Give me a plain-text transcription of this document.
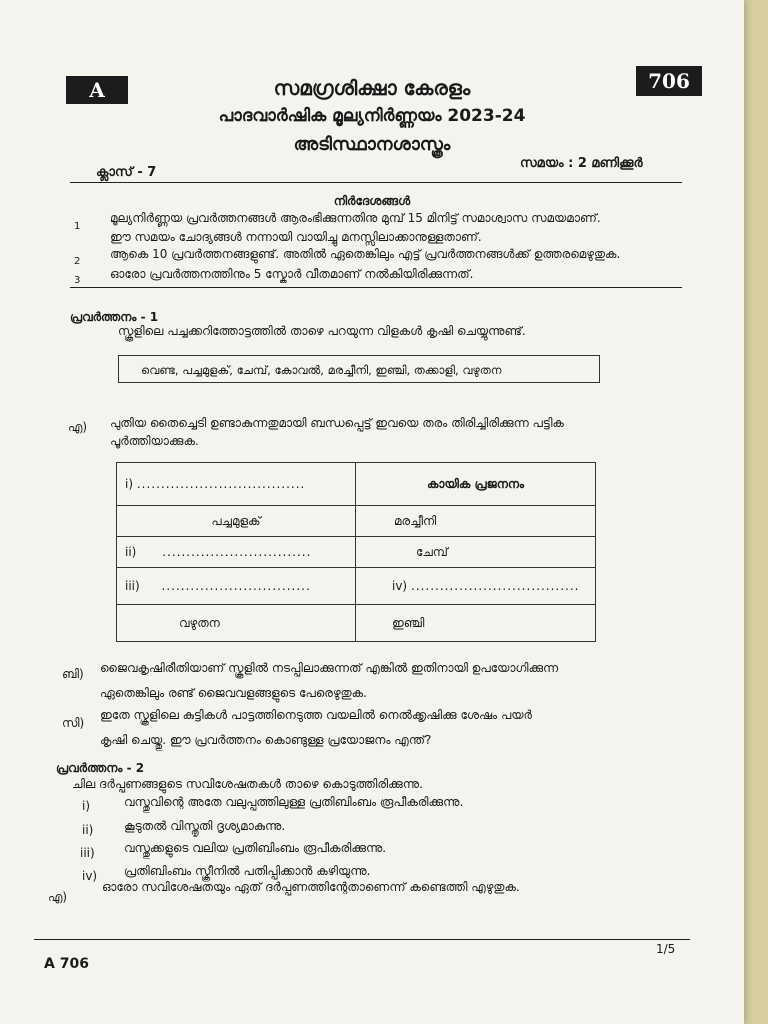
A	706
സമഗ്രശിക്ഷാ കേരളം
പാദവാർഷിക മൂല്യനിർണ്ണയം 2023-24
അടിസ്ഥാനശാസ്ത്രം
ക്ലാസ് - 7
സമയം : 2 മണിക്കൂർ
നിർദേശങ്ങൾ
1
മൂല്യനിർണ്ണയ പ്രവർത്തനങ്ങൾ ആരംഭിക്കുന്നതിനു മുമ്പ് 15 മിനിട്ട് സമാശ്വാസ സമയമാണ്.
ഈ സമയം ചോദ്യങ്ങൾ നന്നായി വായിച്ചു മനസ്സിലാക്കാനുള്ളതാണ്.
2
ആകെ 10 പ്രവർത്തനങ്ങളുണ്ട്. അതിൽ ഏതെങ്കിലും എട്ട് പ്രവർത്തനങ്ങൾക്ക് ഉത്തരമെഴുതുക.
3 ഓരോ പ്രവർത്തനത്തിനും 5 സ്കോർ വീതമാണ് നൽകിയിരിക്കുന്നത്.
പ്രവർത്തനം - 1
സ്കൂളിലെ പച്ചക്കറിത്തോട്ടത്തിൽ താഴെ പറയുന്ന വിളകൾ കൃഷി ചെയ്യുന്നുണ്ട്.
വെണ്ട, പച്ചമുളക്, ചേമ്പ്, കോവൽ, മരച്ചീനി, ഇഞ്ചി, തക്കാളി, വഴുതന
എ) പുതിയ തൈച്ചെടി ഉണ്ടാകുന്നതുമായി ബന്ധപ്പെട്ട് ഇവയെ തരം തിരിച്ചിരിക്കുന്ന പട്ടിക
പൂർത്തിയാക്കുക.
i) ...................................	കായിക പ്രജനനം
പച്ചമുളക്	മരച്ചീനി
ii) ...............................	ചേമ്പ്
iii) ...............................	iv) ...................................
വഴുതന	ഇഞ്ചി
ബി) ജൈവകൃഷിരീതിയാണ് സ്കൂളിൽ നടപ്പിലാക്കുന്നത് എങ്കിൽ ഇതിനായി ഉപയോഗിക്കുന്ന
ഏതെങ്കിലും രണ്ട് ജൈവവളങ്ങളുടെ പേരെഴുതുക.
സി)
ഇതേ സ്കൂളിലെ കുട്ടികൾ പാട്ടത്തിനെടുത്ത വയലിൽ നെൽക്കൃഷിക്കു ശേഷം പയർ
കൃഷി ചെയ്തു. ഈ പ്രവർത്തനം കൊണ്ടുള്ള പ്രയോജനം എന്ത്?
പ്രവർത്തനം - 2
ചില ദർപ്പണങ്ങളുടെ സവിശേഷതകൾ താഴെ കൊടുത്തിരിക്കുന്നു.
i)	വസ്തുവിന്റെ അതേ വലുപ്പത്തിലുള്ള പ്രതിബിംബം രൂപീകരിക്കുന്നു.
ii)	കൂടുതൽ വിസ്തൃതി ദൃശ്യമാകുന്നു.
iii) വസ്തുക്കളുടെ വലിയ പ്രതിബിംബം രൂപീകരിക്കുന്നു.
iv) പ്രതിബിംബം സ്ക്രീനിൽ പതിപ്പിക്കാൻ കഴിയുന്നു.
എ)
ഓരോ സവിശേഷതയും ഏത് ദർപ്പണത്തിന്റേതാണെന്ന് കണ്ടെത്തി എഴുതുക.
A 706
1/5
